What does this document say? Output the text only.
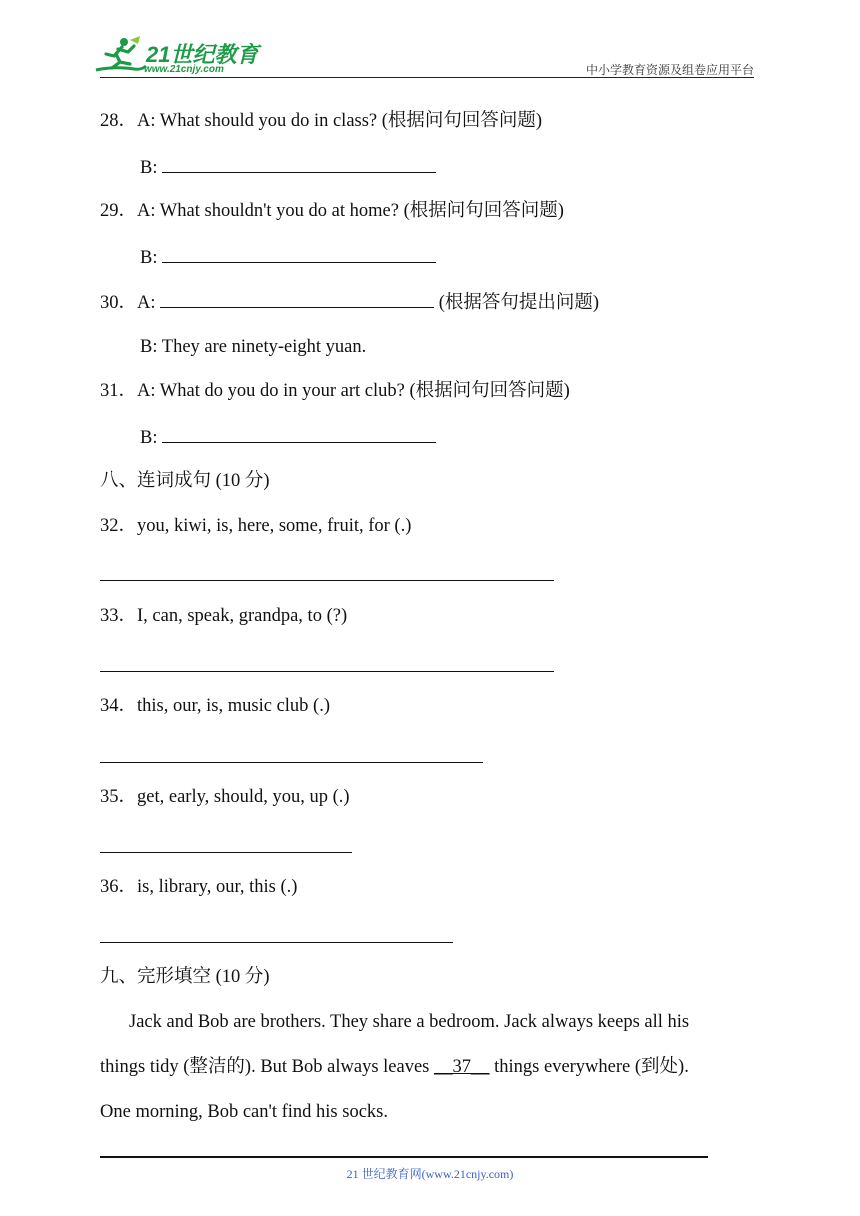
21世纪教育
www.21cnjy.com	中小学教育资源及组卷应用平台
28．A: What should you do in class? (根据问句回答问题)
B:
29．A: What shouldn't you do at home? (根据问句回答问题)
B:
30．A:	(根据答句提出问题)
B: They are ninety-eight yuan.
31．A: What do you do in your art club? (根据问句回答问题)
B:
八、连词成句 (10 分)
32．you, kiwi, is, here, some, fruit, for (.)
33．I, can, speak, grandpa, to (?)
34．this, our, is, music club (.)
35．get, early, should, you, up (.)
36．is, library, our, this (.)
九、完形填空 (10 分)
Jack and Bob are brothers. They share a bedroom. Jack always keeps all his
things tidy (整洁的). But Bob always leaves __37__ things everywhere (到处).
One morning, Bob can't find his socks.
21 世纪教育网(www.21cnjy.com)
